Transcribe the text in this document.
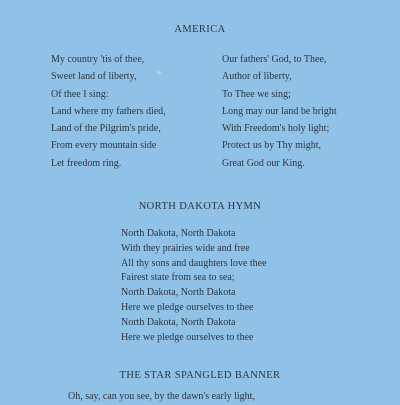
AMERICA
My country 'tis of thee,
Sweet land of liberty,
Of thee I sing:
Land where my fathers died,
Land of the Pilgrim's pride,
From every mountain side
Let freedom ring.
Our fathers' God, to Thee,
Author of liberty,
To Thee we sing;
Long may our land be bright
With Freedom's holy light;
Protect us by Thy might,
Great God our King.
NORTH DAKOTA HYMN
North Dakota, North Dakota
With they prairies wide and free
All thy sons and daughters love thee
Fairest state from sea to sea;
North Dakota, North Dakota
Here we pledge ourselves to thee
North Dakota, North Dakota
Here we pledge ourselves to thee
THE STAR SPANGLED BANNER
Oh, say, can you see, by the dawn's early light,
